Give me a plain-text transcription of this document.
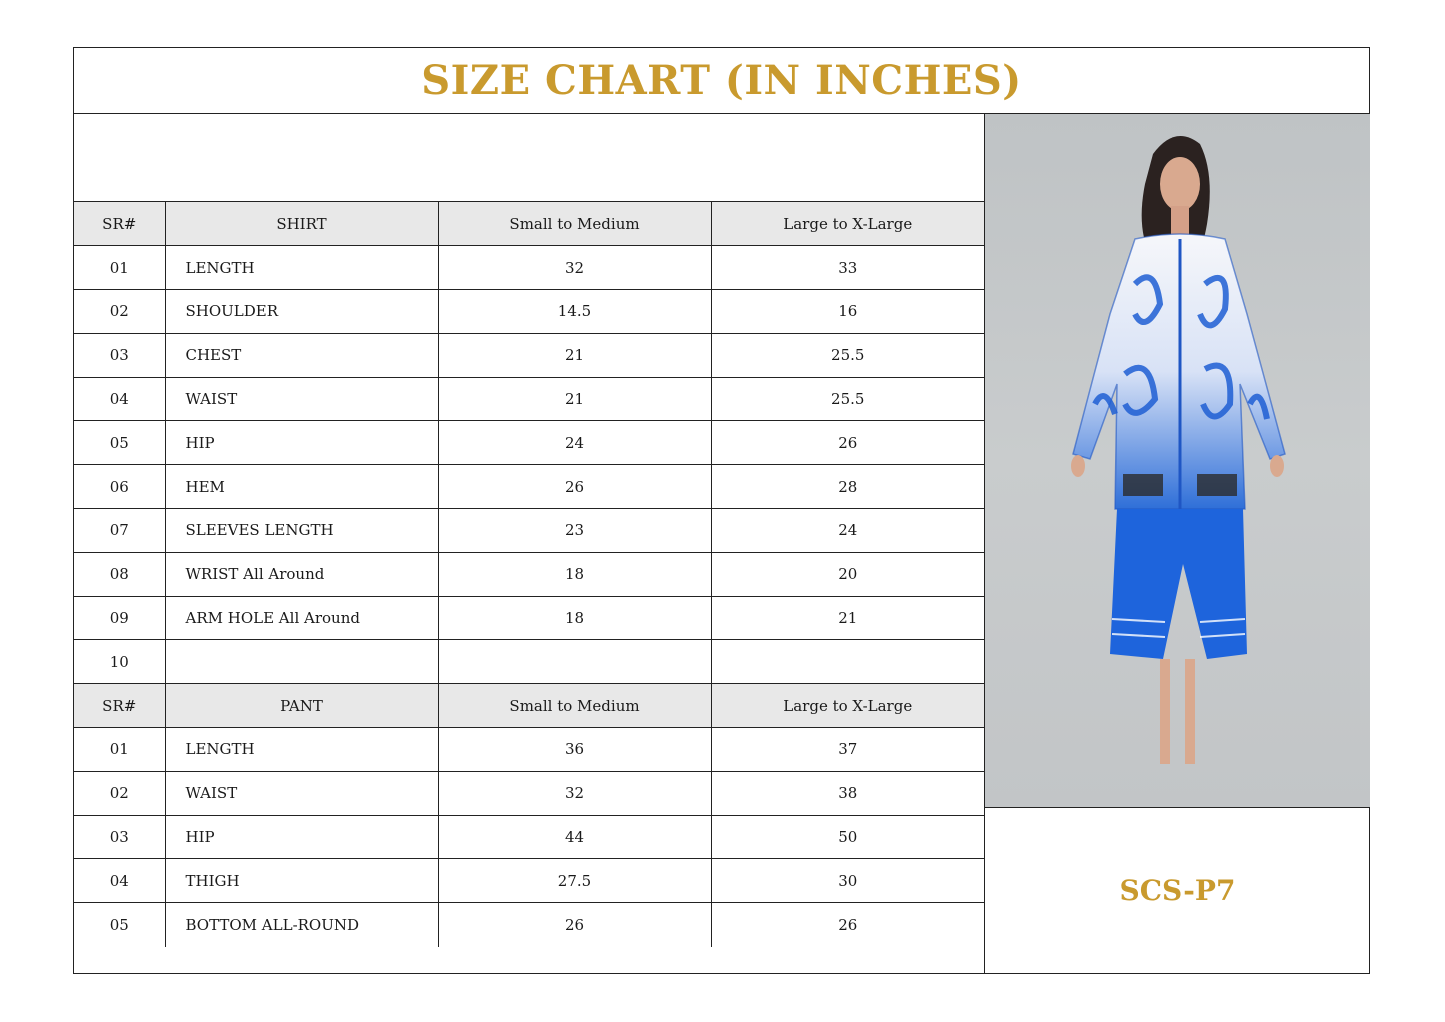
SIZE CHART (IN INCHES)
SR#	SHIRT	Small to Medium	Large to X-Large
01	LENGTH	32	33
02	SHOULDER	14.5	16
03	CHEST	21	25.5
04	WAIST	21	25.5
05	HIP	24	26
06	HEM	26	28
07	SLEEVES LENGTH	23	24
08	WRIST All Around	18	20
09	ARM HOLE All Around	18	21
10			
SR#	PANT	Small to Medium	Large to X-Large
01	LENGTH	36	37
02	WAIST	32	38
03	HIP	44	50
04	THIGH	27.5	30
05	BOTTOM ALL-ROUND	26	26
SCS-P7
